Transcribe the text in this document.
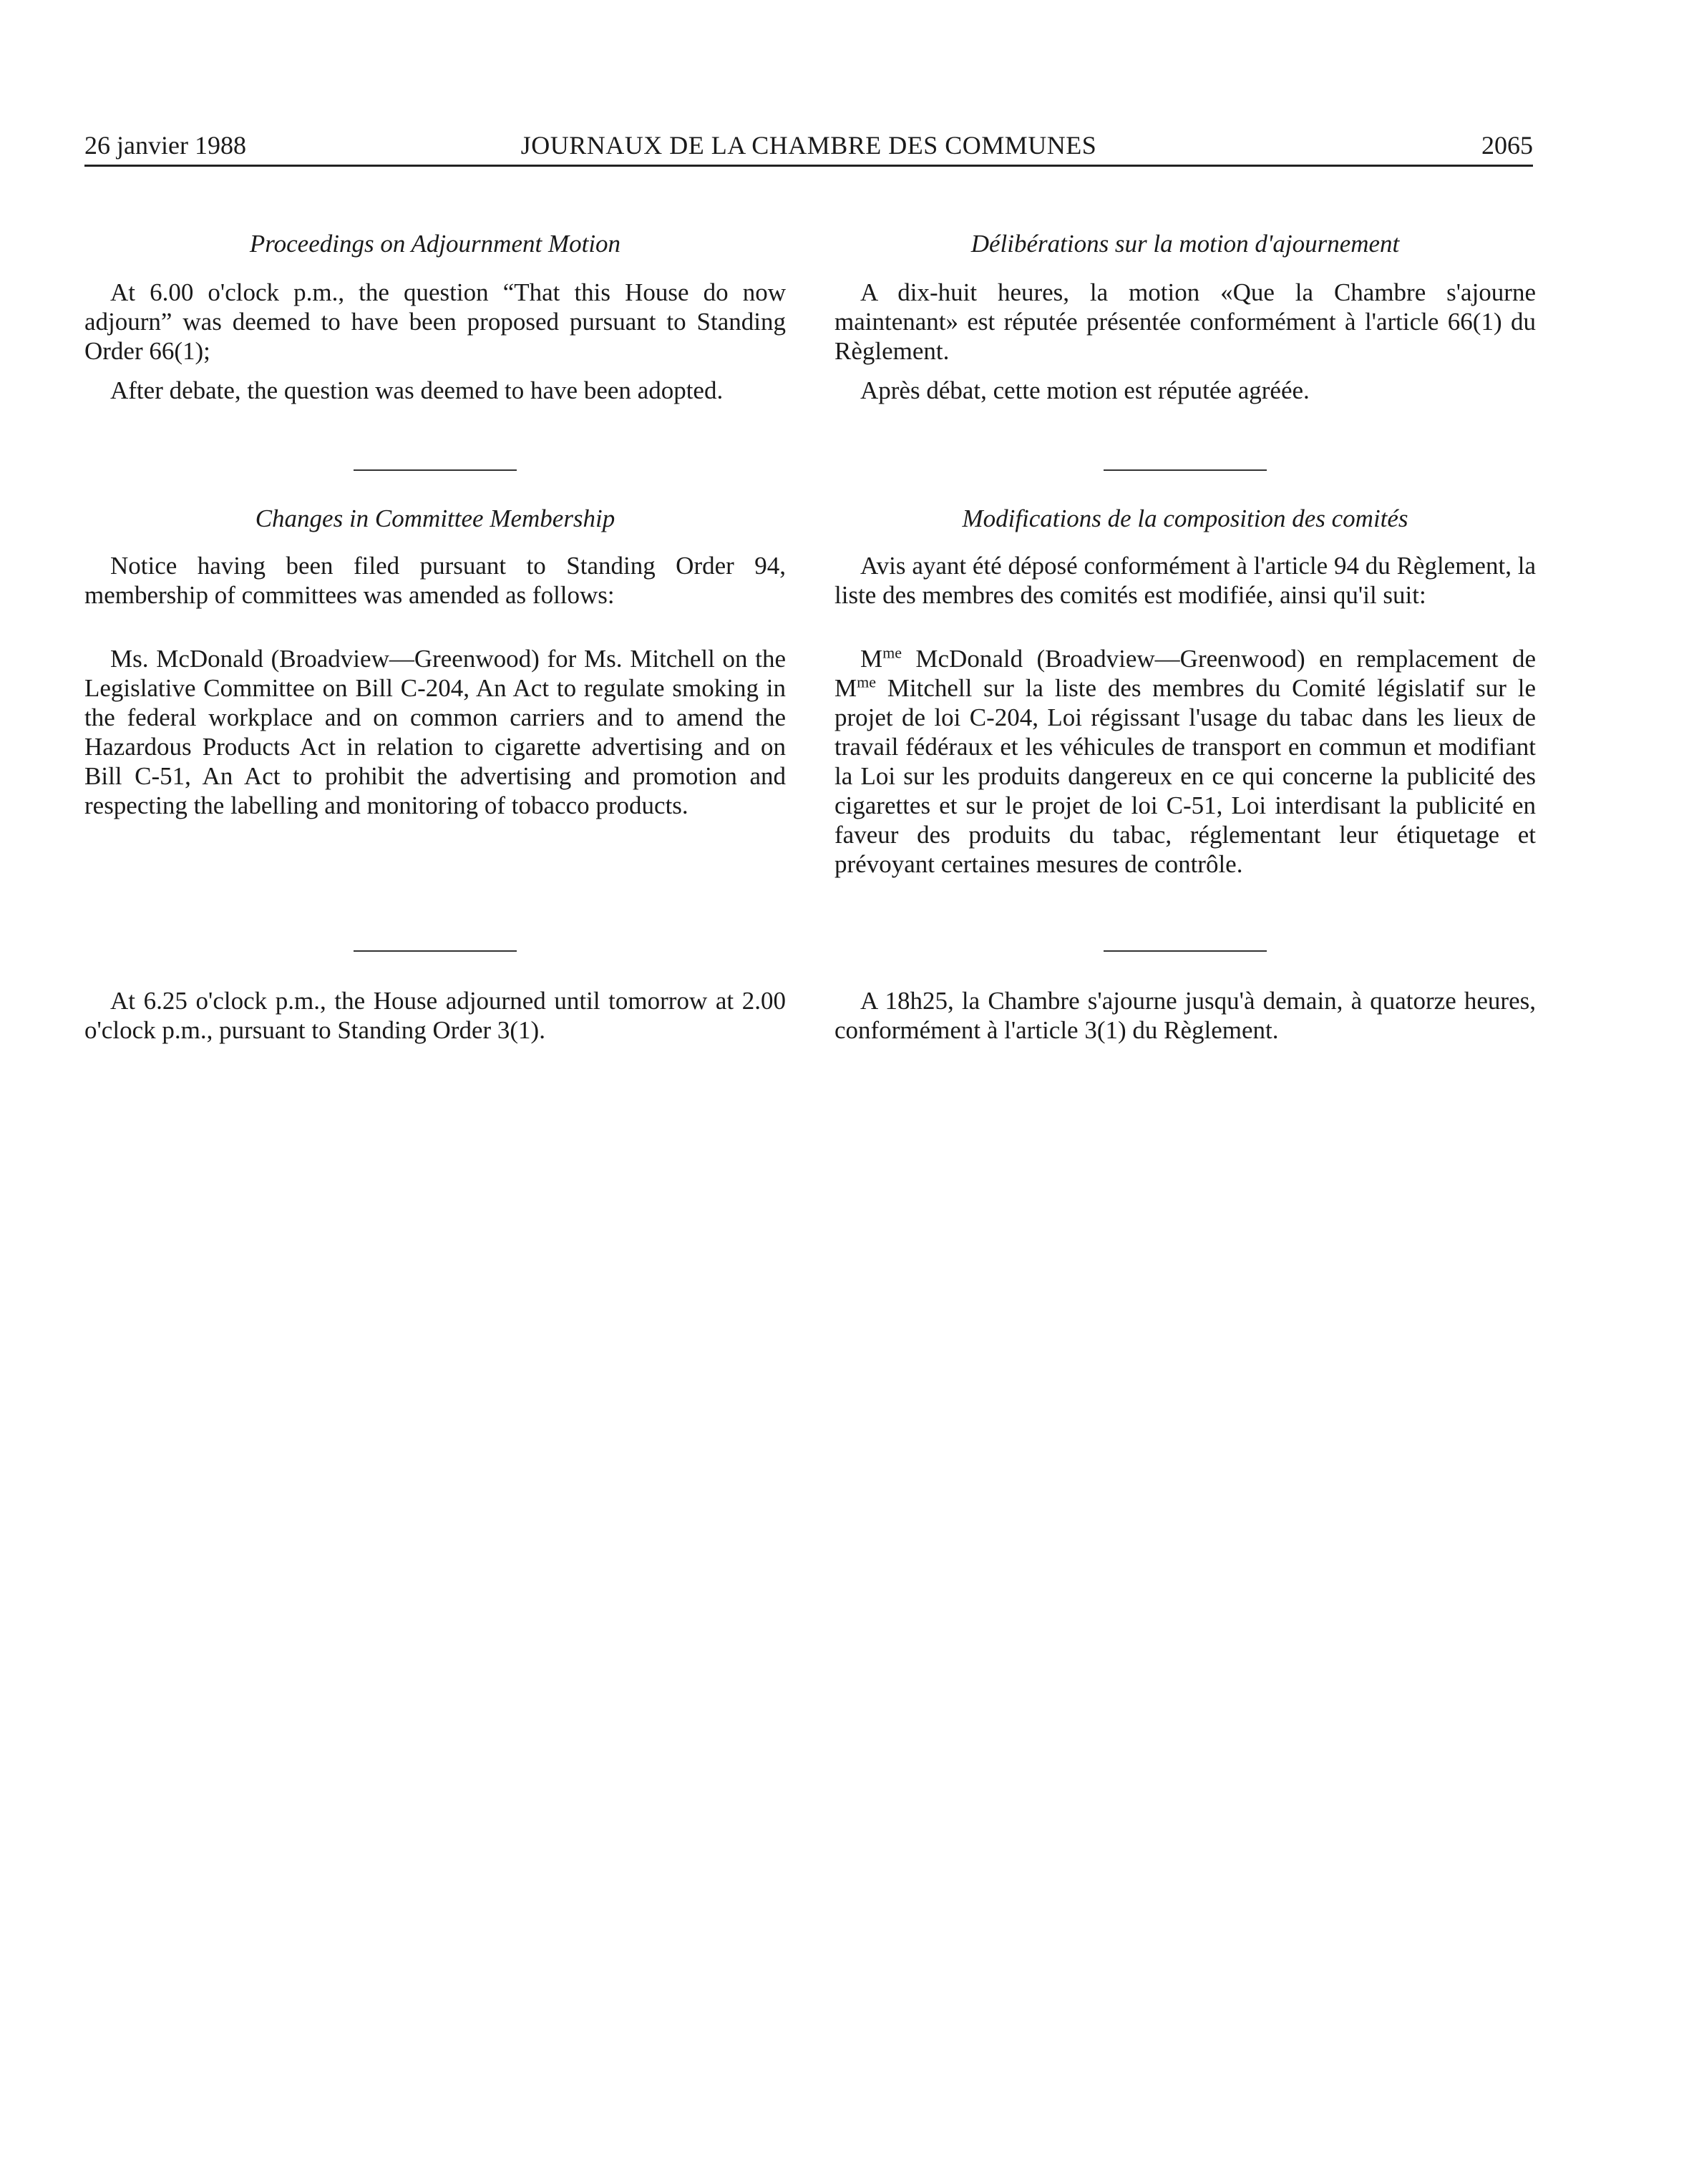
26 janvier 1988	JOURNAUX DE LA CHAMBRE DES COMMUNES	2065
Proceedings on Adjournment Motion

At 6.00 o'clock p.m., the question “That this House do now adjourn” was deemed to have been proposed pursuant to Standing Order 66(1);

After debate, the question was deemed to have been adopted.

Changes in Committee Membership

Notice having been filed pursuant to Standing Order 94, membership of committees was amended as follows:

Ms. McDonald (Broadview—Greenwood) for Ms. Mitchell on the Legislative Committee on Bill C-204, An Act to regulate smoking in the federal workplace and on common carriers and to amend the Hazardous Products Act in relation to cigarette advertising and on Bill C-51, An Act to prohibit the advertising and promotion and respecting the labelling and monitoring of tobacco products.

At 6.25 o'clock p.m., the House adjourned until tomorrow at 2.00 o'clock p.m., pursuant to Standing Order 3(1).

Délibérations sur la motion d'ajournement

A dix-huit heures, la motion «Que la Chambre s'ajourne maintenant» est réputée présentée conformément à l'article 66(1) du Règlement.

Après débat, cette motion est réputée agréée.

Modifications de la composition des comités

Avis ayant été déposé conformément à l'article 94 du Règlement, la liste des membres des comités est modifiée, ainsi qu'il suit:

$M^{me}$ McDonald (Broadview—Greenwood) en remplacement de $M^{me}$ Mitchell sur la liste des membres du Comité législatif sur le projet de loi C-204, Loi régissant l'usage du tabac dans les lieux de travail fédéraux et les véhicules de transport en commun et modifiant la Loi sur les produits dangereux en ce qui concerne la publicité des cigarettes et sur le projet de loi C-51, Loi interdisant la publicité en faveur des produits du tabac, réglementant leur étiquetage et prévoyant certaines mesures de contrôle.

A 18h25, la Chambre s'ajourne jusqu'à demain, à quatorze heures, conformément à l'article 3(1) du Règlement.
